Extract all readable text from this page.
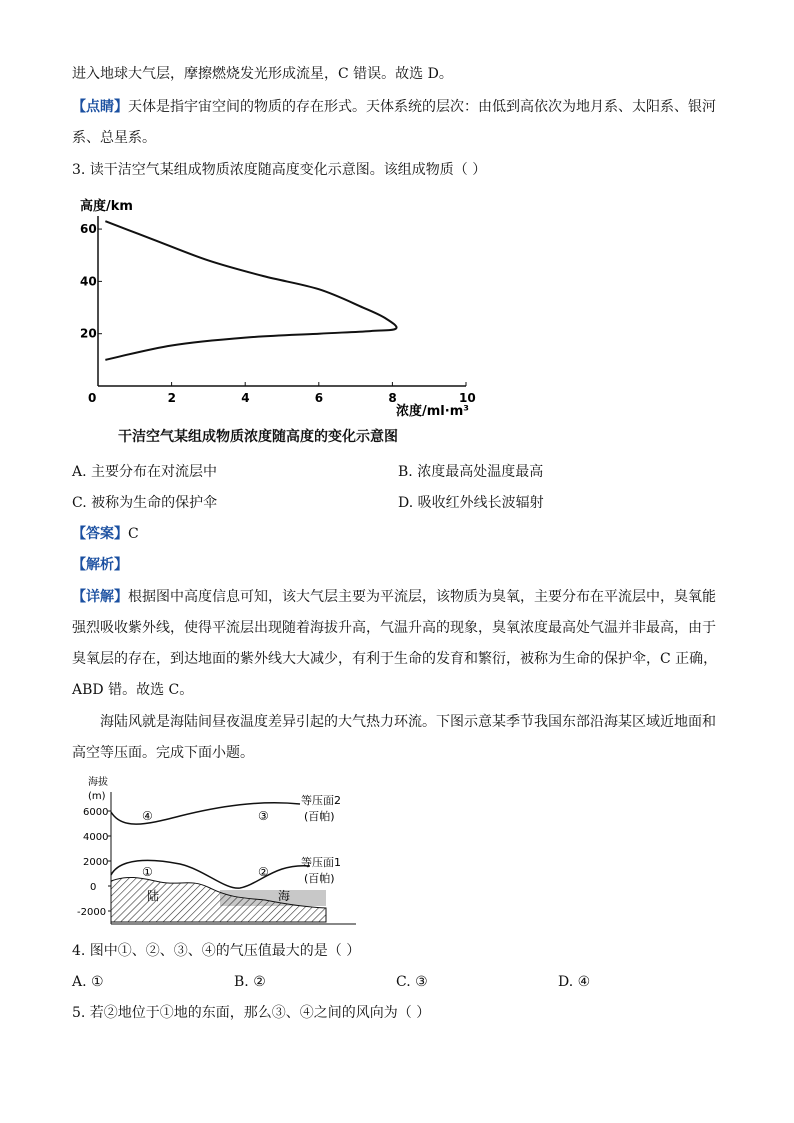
进入地球大气层，摩擦燃烧发光形成流星，C 错误。故选 D。
【点睛】天体是指宇宙空间的物质的存在形式。天体系统的层次：由低到高依次为地月系、太阳系、银河
系、总星系。
3. 读干洁空气某组成物质浓度随高度变化示意图。该组成物质（ ）
高度/km
0	2	4	6	8	10
20
40
60
浓度/ml·m³
干洁空气某组成物质浓度随高度的变化示意图
A. 主要分布在对流层中	B. 浓度最高处温度最高
C. 被称为生命的保护伞	D. 吸收红外线长波辐射
【答案】C
【解析】
【详解】根据图中高度信息可知，该大气层主要为平流层，该物质为臭氧，主要分布在平流层中，臭氧能
强烈吸收紫外线，使得平流层出现随着海拔升高，气温升高的现象，臭氧浓度最高处气温并非最高，由于
臭氧层的存在，到达地面的紫外线大大减少，有利于生命的发育和繁衍，被称为生命的保护伞，C 正确，
ABD 错。故选 C。
海陆风就是海陆间昼夜温度差异引起的大气热力环流。下图示意某季节我国东部沿海某区域近地面和
高空等压面。完成下面小题。
海拔
(m)
6000
4000
2000
0
-2000
④	③
①	②
等压面2
(百帕)
等压面1
(百帕)
陆	海
4. 图中①、②、③、④的气压值最大的是（ ）
A. ①	B. ②	C. ③	D. ④
5. 若②地位于①地的东面，那么③、④之间的风向为（ ）
